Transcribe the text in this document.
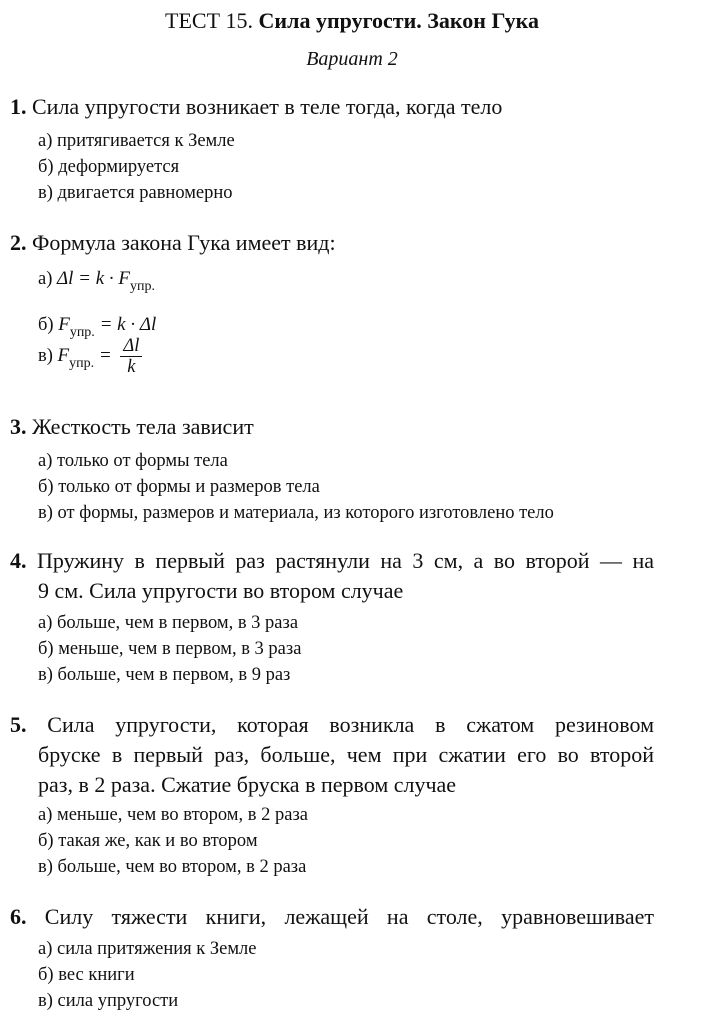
ТЕСТ 15. Сила упругости. Закон Гука
Вариант 2
1. Сила упругости возникает в теле тогда, когда тело
а) притягивается к Земле
б) деформируется
в) двигается равномерно
2. Формула закона Гука имеет вид:
а) $\Delta l = k \cdot F_{упр.}$
б) $F_{упр.} = k \cdot \Delta l$
в) $F_{упр.} = \frac{\Delta l}{k}$
3. Жесткость тела зависит
а) только от формы тела
б) только от формы и размеров тела
в) от формы, размеров и материала, из которого изготовлено тело
4. Пружину в первый раз растянули на 3 см, а во второй — на
9 см. Сила упругости во втором случае
а) больше, чем в первом, в 3 раза
б) меньше, чем в первом, в 3 раза
в) больше, чем в первом, в 9 раз
5. Сила упругости, которая возникла в сжатом резиновом
бруске в первый раз, больше, чем при сжатии его во второй
раз, в 2 раза. Сжатие бруска в первом случае
а) меньше, чем во втором, в 2 раза
б) такая же, как и во втором
в) больше, чем во втором, в 2 раза
6. Силу тяжести книги, лежащей на столе, уравновешивает
а) сила притяжения к Земле
б) вес книги
в) сила упругости
